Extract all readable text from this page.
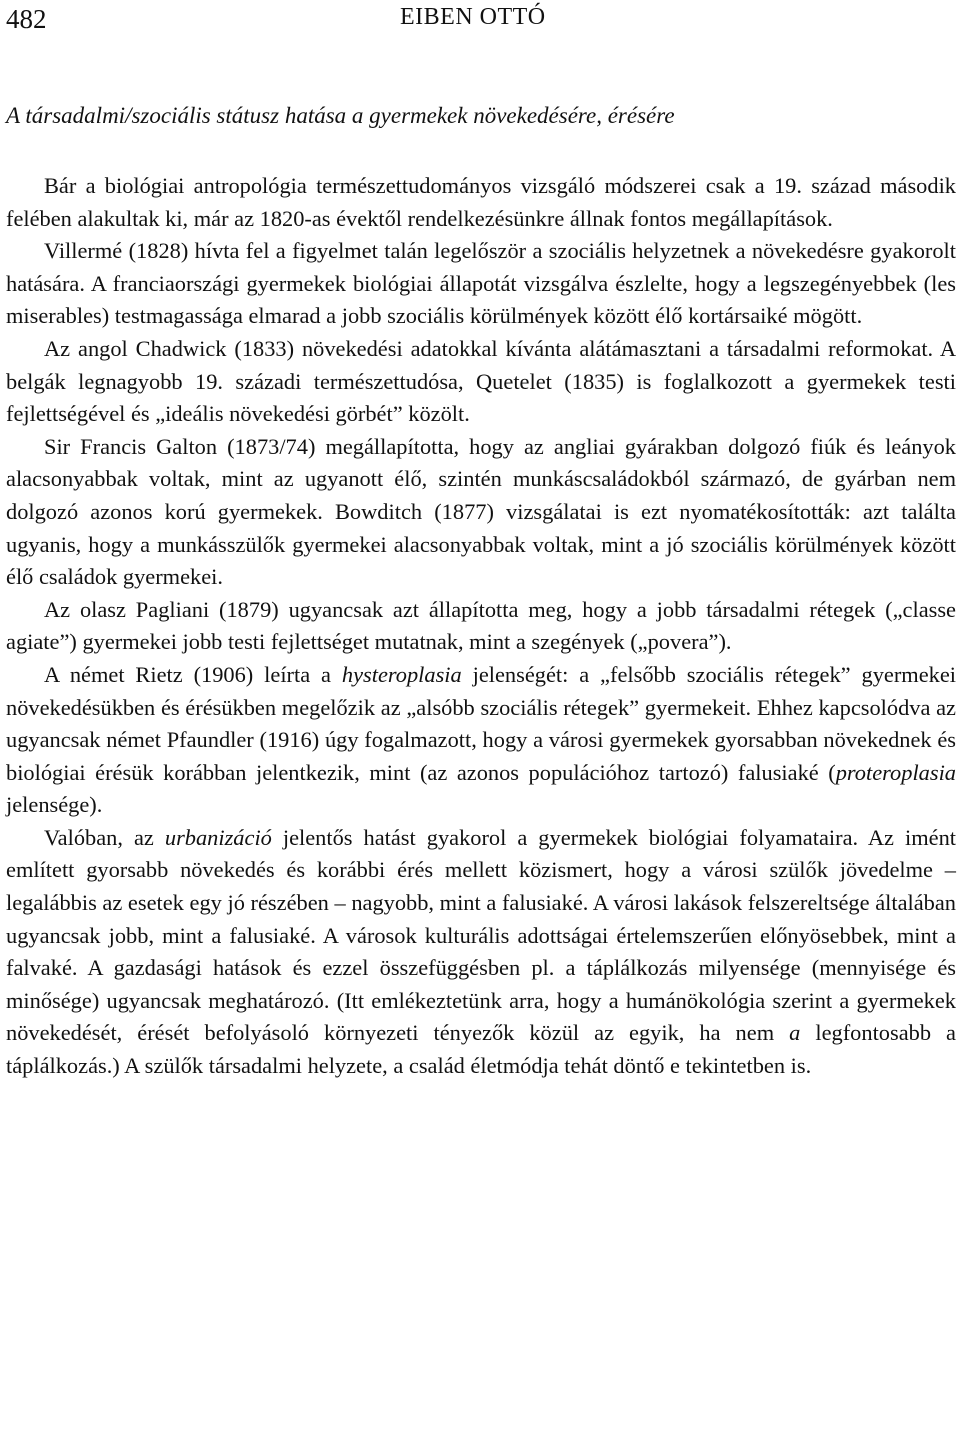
482	EIBEN OTTÓ
A társadalmi/szociális státusz hatása a gyermekek növekedésére, érésére

Bár a biológiai antropológia természettudományos vizsgáló módszerei csak a 19. század második felében alakultak ki, már az 1820-as évektől rendelkezésünkre állnak fontos megállapítások.

Villermé (1828) hívta fel a figyelmet talán legelőször a szociális helyzetnek a növekedésre gyakorolt hatására. A franciaországi gyermekek biológiai állapotát vizsgálva észlelte, hogy a legszegényebbek (les miserables) testmagassága elmarad a jobb szociális körülmények között élő kortársaiké mögött.

Az angol Chadwick (1833) növekedési adatokkal kívánta alátámasztani a társadalmi reformokat. A belgák legnagyobb 19. századi természettudósa, Quetelet (1835) is foglalkozott a gyermekek testi fejlettségével és „ideális növekedési görbét” közölt.

Sir Francis Galton (1873/74) megállapította, hogy az angliai gyárakban dolgozó fiúk és leányok alacsonyabbak voltak, mint az ugyanott élő, szintén munkáscsaládokból származó, de gyárban nem dolgozó azonos korú gyermekek. Bowditch (1877) vizsgálatai is ezt nyomatékosították: azt találta ugyanis, hogy a munkásszülők gyermekei alacsonyabbak voltak, mint a jó szociális körülmények között élő családok gyermekei.

Az olasz Pagliani (1879) ugyancsak azt állapította meg, hogy a jobb társadalmi rétegek („classe agiate”) gyermekei jobb testi fejlettséget mutatnak, mint a szegények („povera”).

A német Rietz (1906) leírta a hysteroplasia jelenségét: a „felsőbb szociális rétegek” gyermekei növekedésükben és érésükben megelőzik az „alsóbb szociális rétegek” gyermekeit. Ehhez kapcsolódva az ugyancsak német Pfaundler (1916) úgy fogalmazott, hogy a városi gyermekek gyorsabban növekednek és biológiai érésük korábban jelentkezik, mint (az azonos populációhoz tartozó) falusiaké (proteroplasia jelensége).

Valóban, az urbanizáció jelentős hatást gyakorol a gyermekek biológiai folyamataira. Az imént említett gyorsabb növekedés és korábbi érés mellett közismert, hogy a városi szülők jövedelme – legalábbis az esetek egy jó részében – nagyobb, mint a falusiaké. A városi lakások felszereltsége általában ugyancsak jobb, mint a falusiaké. A városok kulturális adottságai értelemszerűen előnyösebbek, mint a falvaké. A gazdasági hatások és ezzel összefüggésben pl. a táplálkozás milyensége (mennyisége és minősége) ugyancsak meghatározó. (Itt emlékeztetünk arra, hogy a humánökológia szerint a gyermekek növekedését, érését befolyásoló környezeti tényezők közül az egyik, ha nem a legfontosabb a táplálkozás.) A szülők társadalmi helyzete, a család életmódja tehát döntő e tekintetben is.
